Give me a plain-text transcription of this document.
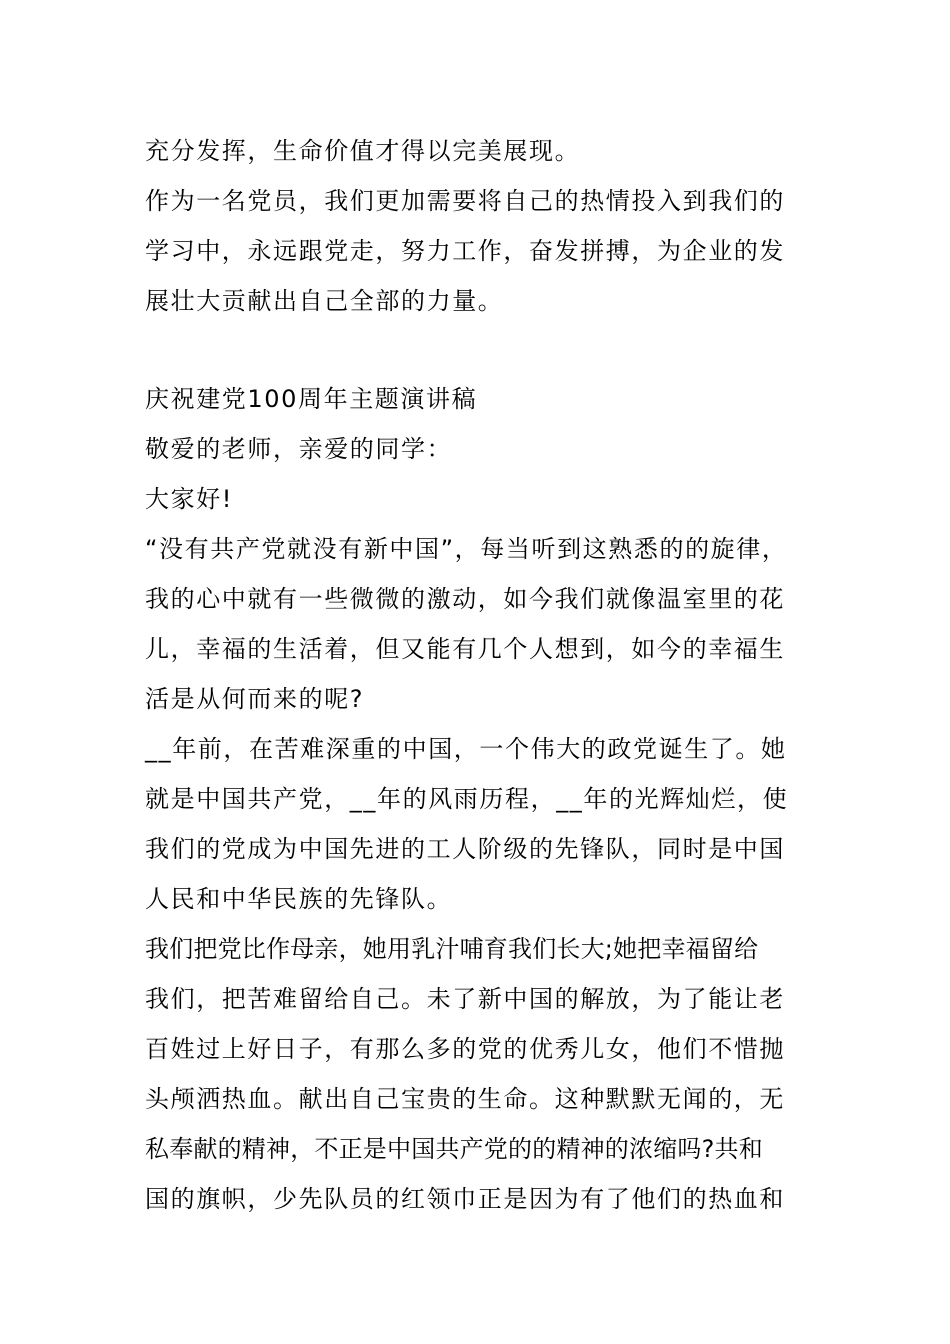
充分发挥，生命价值才得以完美展现。
作为一名党员，我们更加需要将自己的热情投入到我们的
学习中，永远跟党走，努力工作，奋发拼搏，为企业的发
展壮大贡献出自己全部的力量。
庆祝建党100周年主题演讲稿
敬爱的老师，亲爱的同学：
大家好!
“没有共产党就没有新中国”，每当听到这熟悉的的旋律，
我的心中就有一些微微的激动，如今我们就像温室里的花
儿，幸福的生活着，但又能有几个人想到，如今的幸福生
活是从何而来的呢?
__年前，在苦难深重的中国，一个伟大的政党诞生了。她
就是中国共产党，__年的风雨历程，__年的光辉灿烂，使
我们的党成为中国先进的工人阶级的先锋队，同时是中国
人民和中华民族的先锋队。
我们把党比作母亲，她用乳汁哺育我们长大;她把幸福留给
我们，把苦难留给自己。未了新中国的解放，为了能让老
百姓过上好日子，有那么多的党的优秀儿女，他们不惜抛
头颅洒热血。献出自己宝贵的生命。这种默默无闻的，无
私奉献的精神，不正是中国共产党的的精神的浓缩吗?共和
国的旗帜，少先队员的红领巾正是因为有了他们的热血和
